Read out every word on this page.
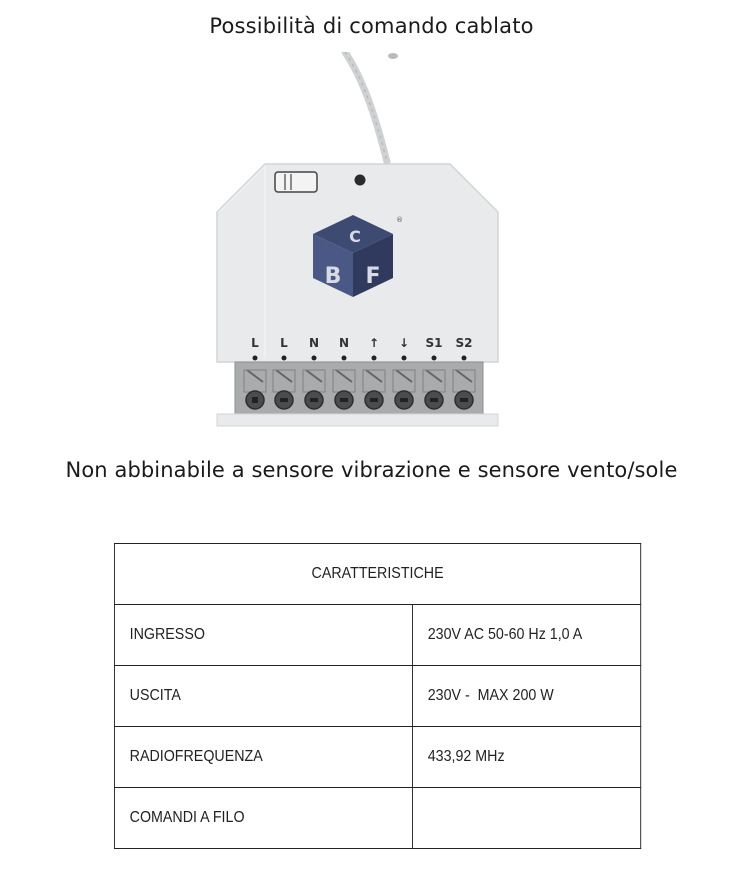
Possibilità di comando cablato
C
B F
®
L L N N ↑ ↓ S1 S2
Non abbinabile a sensore vibrazione e sensore vento/sole
CARATTERISTICHE	
INGRESSO	230V AC 50-60 Hz 1,0 A
USCITA	230V -  MAX 200 W
RADIOFREQUENZA	433,92 MHz
COMANDI A FILO	
